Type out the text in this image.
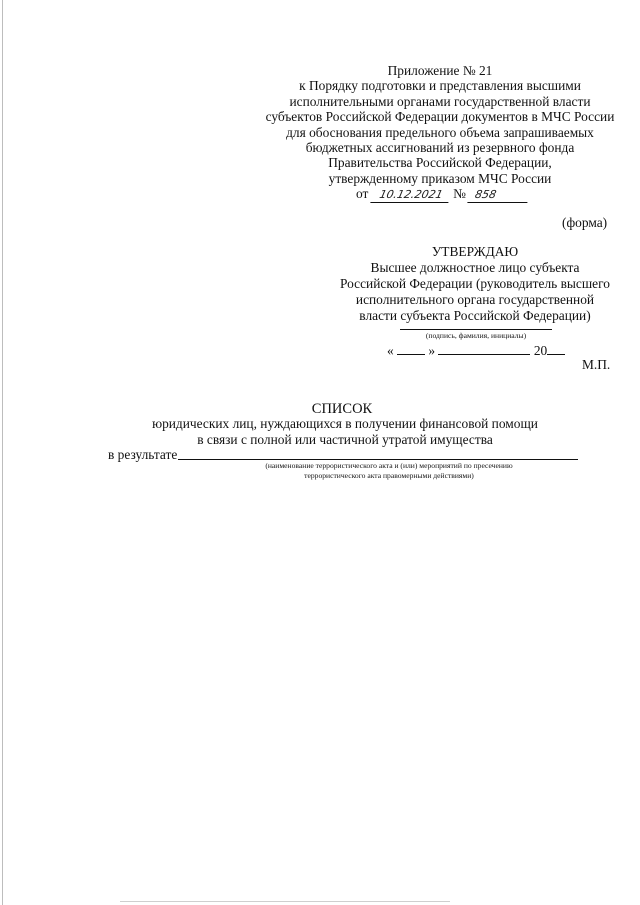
Приложение № 21
к Порядку подготовки и представления высшими
исполнительными органами государственной власти
субъектов Российской Федерации документов в МЧС России
для обоснования предельного объема запрашиваемых
бюджетных ассигнований из резервного фонда
Правительства Российской Федерации,
утвержденному приказом МЧС России
от 10.12.2021 № 858
(форма)
УТВЕРЖДАЮ
Высшее должностное лицо субъекта
Российской Федерации (руководитель высшего
исполнительного органа государственной
власти субъекта Российской Федерации)
(подпись, фамилия, инициалы)
«	»	20
М.П.
СПИСОК
юридических лиц, нуждающихся в получении финансовой помощи
в связи с полной или частичной утратой имущества
в результате
(наименование террористического акта и (или) мероприятий по пресечению
террористического акта правомерными действиями)
